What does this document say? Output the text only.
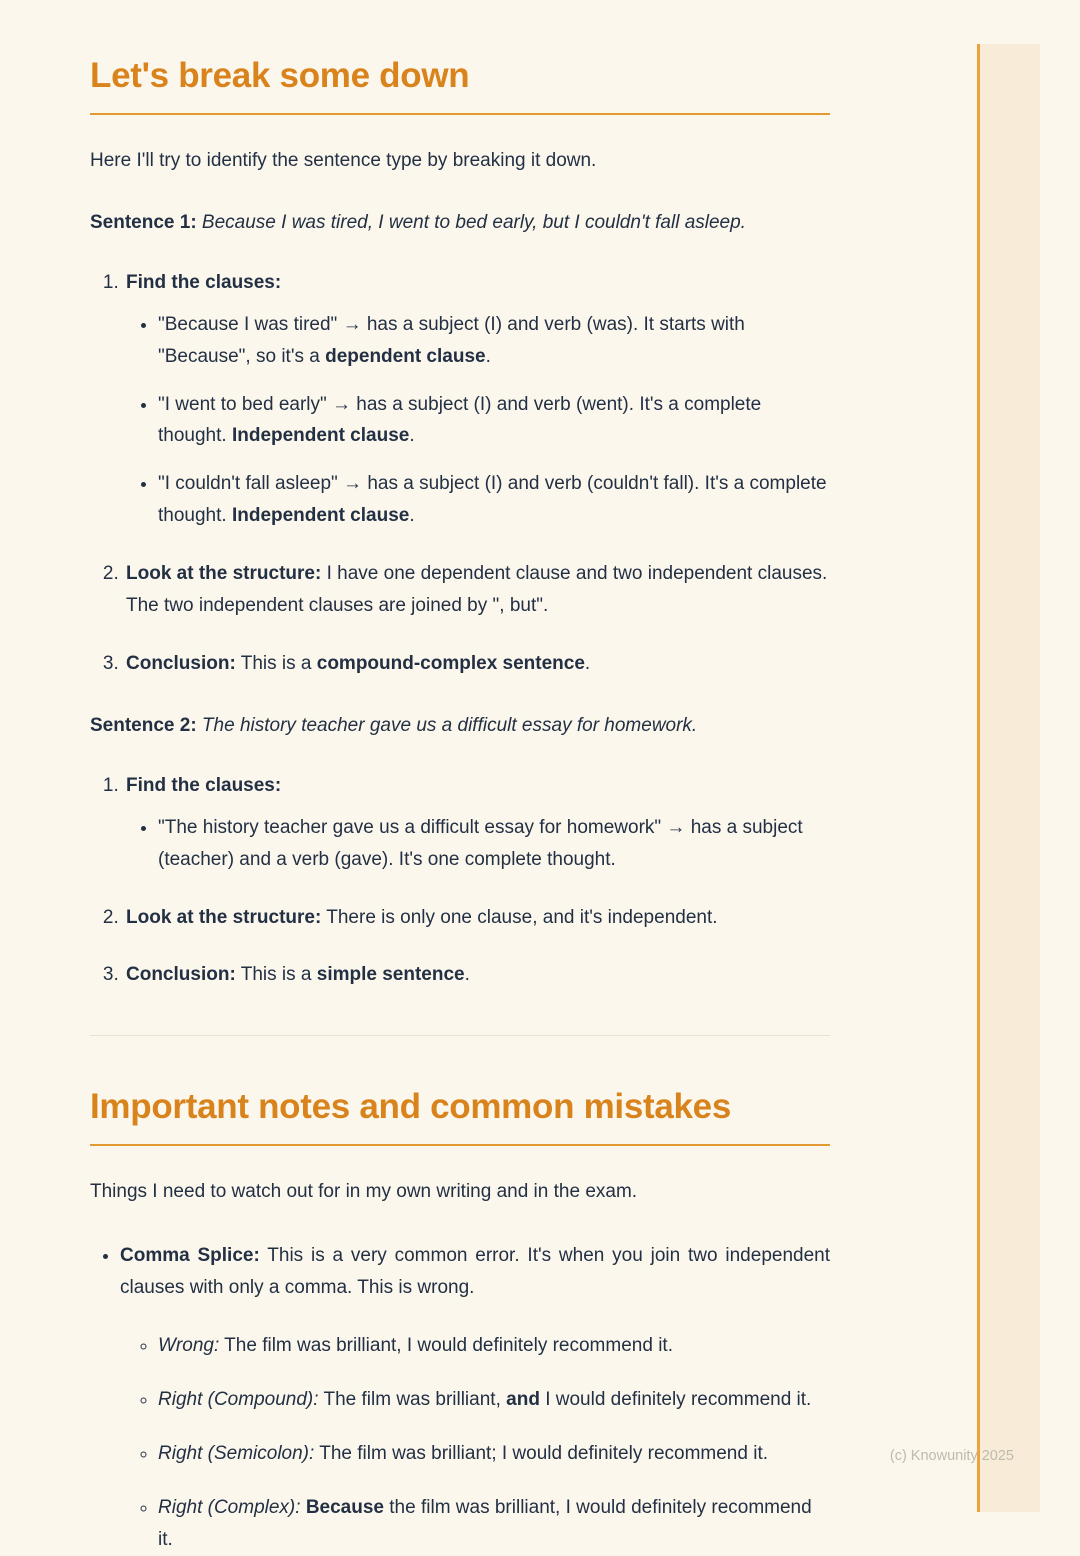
Let's break some down

Here I'll try to identify the sentence type by breaking it down.

Sentence 1: Because I was tired, I went to bed early, but I couldn't fall asleep.

1. Find the clauses:
• "Because I was tired" → has a subject (I) and verb (was). It starts with "Because", so it's a dependent clause.
• "I went to bed early" → has a subject (I) and verb (went). It's a complete thought. Independent clause.
• "I couldn't fall asleep" → has a subject (I) and verb (couldn't fall). It's a complete thought. Independent clause.
2. Look at the structure: I have one dependent clause and two independent clauses. The two independent clauses are joined by ", but".
3. Conclusion: This is a compound-complex sentence.

Sentence 2: The history teacher gave us a difficult essay for homework.

1. Find the clauses:
• "The history teacher gave us a difficult essay for homework" → has a subject (teacher) and a verb (gave). It's one complete thought.
2. Look at the structure: There is only one clause, and it's independent.
3. Conclusion: This is a simple sentence.
Important notes and common mistakes

Things I need to watch out for in my own writing and in the exam.

• Comma Splice: This is a very common error. It's when you join two independent clauses with only a comma. This is wrong.
◦ Wrong: The film was brilliant, I would definitely recommend it.
◦ Right (Compound): The film was brilliant, and I would definitely recommend it.
◦ Right (Semicolon): The film was brilliant; I would definitely recommend it.
◦ Right (Complex): Because the film was brilliant, I would definitely recommend it.
(c) Knowunity 2025
